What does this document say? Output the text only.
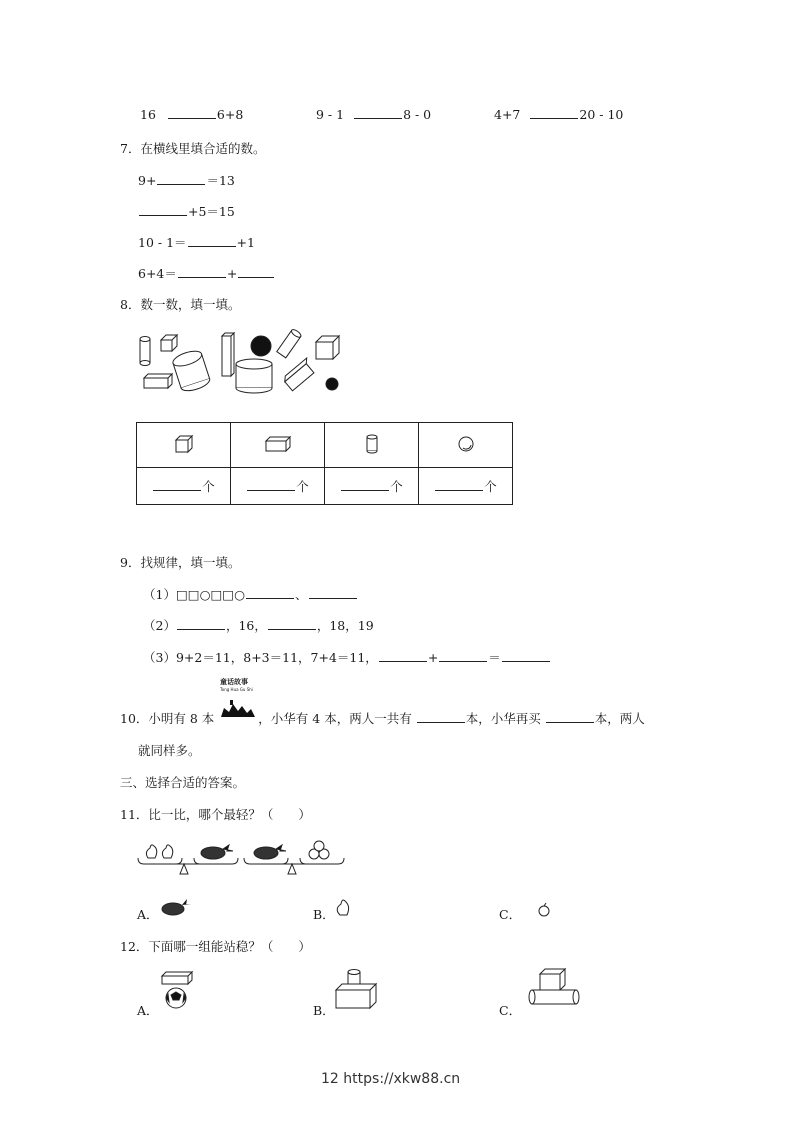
16	6+8	9 - 1	8 - 0	4+7	20 - 10
7．在横线里填合适的数。
9+	＝13
+5＝15
10 - 1＝	+1
6+4＝	+
8．数一数，填一填。

个	个	个	个
9．找规律，填一填。
（1）□□○□□○	、
（2）	，16，	，18，19
（3）9+2＝11，8+3＝11，7+4＝11，	+	＝
童话故事
Tong Hua Gu Shi
10．小明有 8 本	，小华有 4 本，两人一共有	本，小华再买	本，两人
就同样多。
三、选择合适的答案。
11．比一比，哪个最轻？（　　）
A．	B．	C．
12．下面哪一组能站稳？（　　）
A．	B．	C．
12 https://xkw88.cn
